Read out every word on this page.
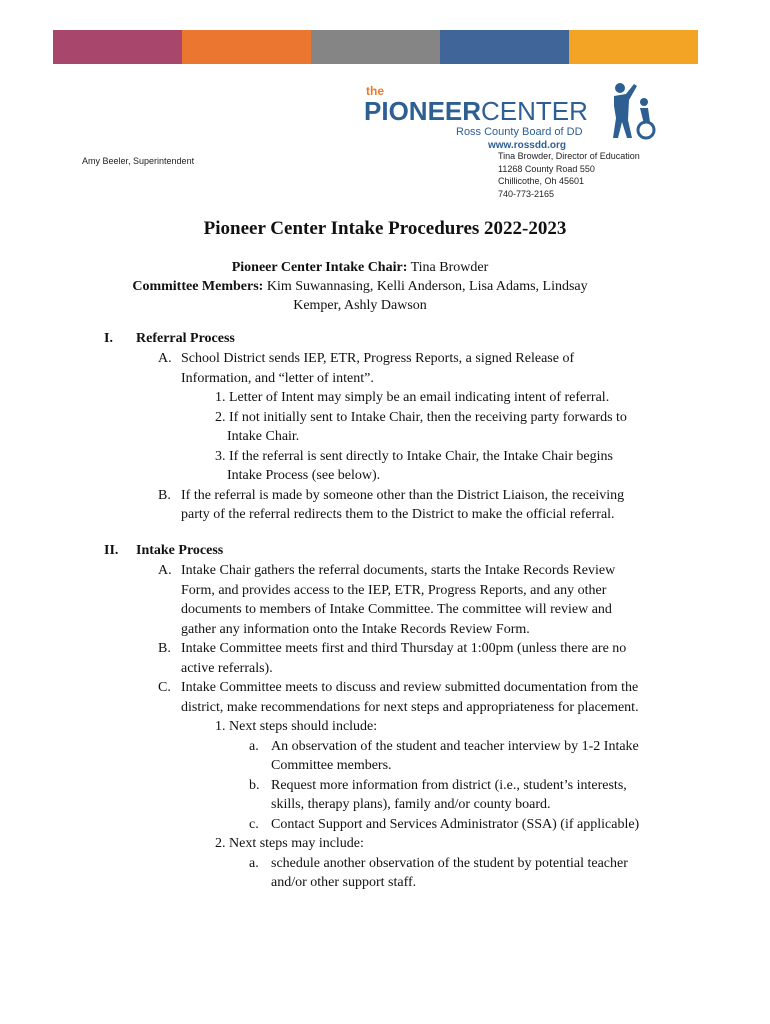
the
PIONEERCENTER
Ross County Board of DD
www.rossdd.org
Amy Beeler, Superintendent	Tina Browder, Director of Education
11268 County Road 550
Chillicothe, Oh 45601
740-773-2165
Pioneer Center Intake Procedures 2022-2023
Pioneer Center Intake Chair: Tina Browder
Committee Members: Kim Suwannasing, Kelli Anderson, Lisa Adams, Lindsay
Kemper, Ashly Dawson
I. Referral Process
A. School District sends IEP, ETR, Progress Reports, a signed Release of
Information, and “letter of intent”.
1. Letter of Intent may simply be an email indicating intent of referral.
2. If not initially sent to Intake Chair, then the receiving party forwards to
Intake Chair.
3. If the referral is sent directly to Intake Chair, the Intake Chair begins
Intake Process (see below).
B. If the referral is made by someone other than the District Liaison, the receiving
party of the referral redirects them to the District to make the official referral.
II. Intake Process
A. Intake Chair gathers the referral documents, starts the Intake Records Review
Form, and provides access to the IEP, ETR, Progress Reports, and any other
documents to members of Intake Committee. The committee will review and
gather any information onto the Intake Records Review Form.
B. Intake Committee meets first and third Thursday at 1:00pm (unless there are no
active referrals).
C. Intake Committee meets to discuss and review submitted documentation from the
district, make recommendations for next steps and appropriateness for placement.
1. Next steps should include:
a. An observation of the student and teacher interview by 1-2 Intake
Committee members.
b. Request more information from district (i.e., student’s interests,
skills, therapy plans), family and/or county board.
c. Contact Support and Services Administrator (SSA) (if applicable)
2. Next steps may include:
a. schedule another observation of the student by potential teacher
and/or other support staff.
